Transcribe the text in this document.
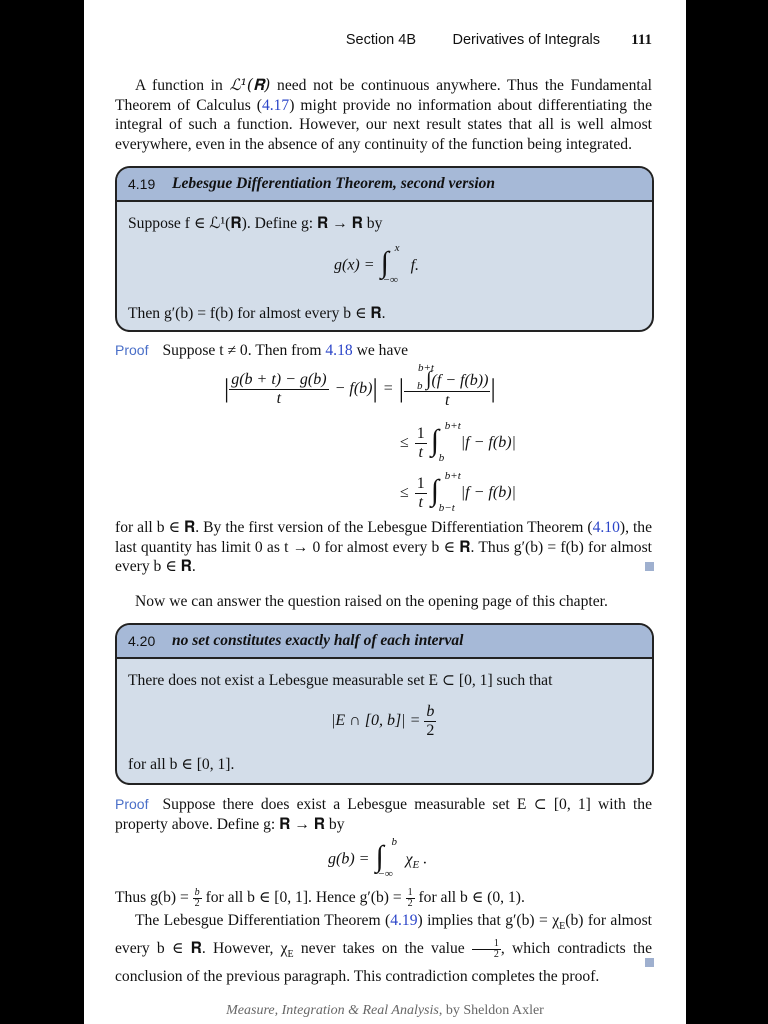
Section 4B	Derivatives of Integrals 111
A function in ℒ¹(𝐑) need not be continuous anywhere. Thus the Fundamental Theorem of Calculus (4.17) might provide no information about differentiating the integral of such a function. However, our next result states that all is well almost everywhere, even in the absence of any continuity of the function being integrated.
4.19 Lebesgue Differentiation Theorem, second version
Suppose f ∈ ℒ¹(𝐑). Define g: 𝐑 → 𝐑 by
g(x) = ∫ x
−∞
f.
Then g′(b) = f(b) for almost every b ∈ 𝐑.
Proof Suppose t ≠ 0. Then from 4.18 we have
| $\frac{g(b + t) - g(b)}{t} - f(b)|$ = | ∫
b+t
b (f − f(b))
t |
≤ $\frac{1}{t}$ ∫ b+t
b
|f − f(b)|
≤ $\frac{1}{t}$ ∫ b+t
b−t
|f − f(b)|
for all b ∈ 𝐑. By the first version of the Lebesgue Differentiation Theorem (4.10), the last quantity has limit 0 as t → 0 for almost every b ∈ 𝐑. Thus g′(b) = f(b) for almost every b ∈ 𝐑.
Now we can answer the question raised on the opening page of this chapter.
4.20 no set constitutes exactly half of each interval
There does not exist a Lebesgue measurable set E ⊂ [0, 1] such that
|E ∩ [0, $b]| = \frac{b}{2}$
for all b ∈ [0, 1].
Proof Suppose there does exist a Lebesgue measurable set E ⊂ [0, 1] with the property above. Define g: 𝐑 → 𝐑 by
g(b) = ∫ b
−∞
$\chi_E$ .
Thus $g(b) = \frac{b}{2}$ for all b ∈ [0, 1]. Hence $g'(b) = \frac{1}{2}$ for all b ∈ (0, 1).
The Lebesgue Differentiation Theorem (4.19) implies that $g'(b) = \chi_E(b)$ for almost every b ∈ 𝐑. However, $\chi_E$ never takes on the value $\frac{1}{2}$ , which contradicts the conclusion of the previous paragraph. This contradiction completes the proof.
Measure, Integration & Real Analysis, by Sheldon Axler
